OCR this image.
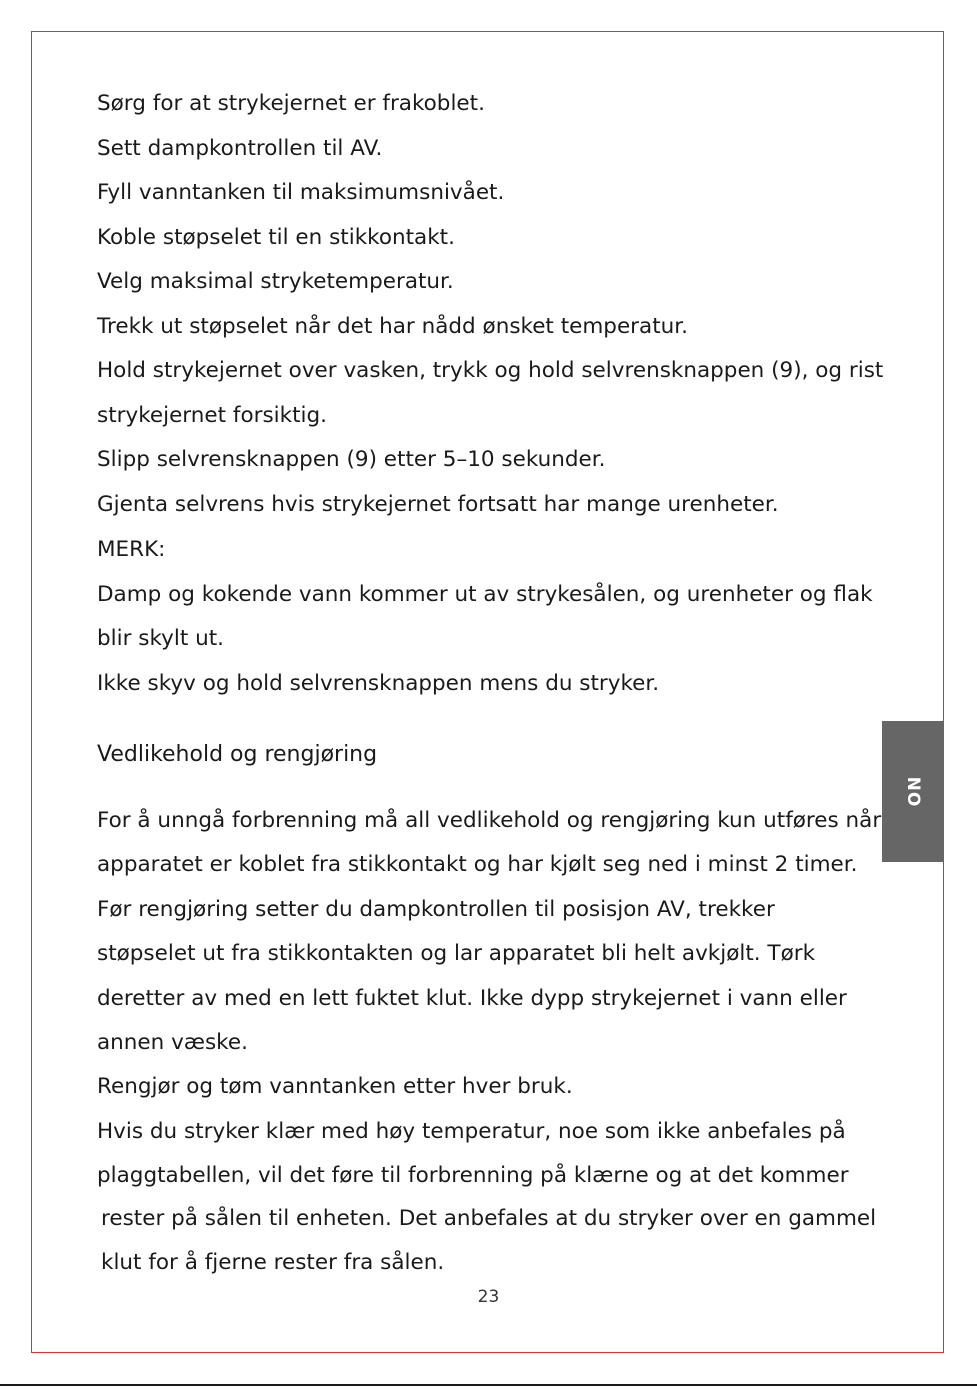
NO
Sørg for at strykejernet er frakoblet.
Sett dampkontrollen til AV.
Fyll vanntanken til maksimumsnivået.
Koble støpselet til en stikkontakt.
Velg maksimal stryketemperatur.
Trekk ut støpselet når det har nådd ønsket temperatur.
Hold strykejernet over vasken, trykk og hold selvrensknappen (9), og rist
strykejernet forsiktig.
Slipp selvrensknappen (9) etter 5–10 sekunder.
Gjenta selvrens hvis strykejernet fortsatt har mange urenheter.
MERK:
Damp og kokende vann kommer ut av strykesålen, og urenheter og flak
blir skylt ut.
Ikke skyv og hold selvrensknappen mens du stryker.
Vedlikehold og rengjøring
For å unngå forbrenning må all vedlikehold og rengjøring kun utføres når
apparatet er koblet fra stikkontakt og har kjølt seg ned i minst 2 timer.
Før rengjøring setter du dampkontrollen til posisjon AV, trekker
støpselet ut fra stikkontakten og lar apparatet bli helt avkjølt. Tørk
deretter av med en lett fuktet klut. Ikke dypp strykejernet i vann eller
annen væske.
Rengjør og tøm vanntanken etter hver bruk.
Hvis du stryker klær med høy temperatur, noe som ikke anbefales på
plaggtabellen, vil det føre til forbrenning på klærne og at det kommer
rester på sålen til enheten. Det anbefales at du stryker over en gammel
klut for å fjerne rester fra sålen.
23
